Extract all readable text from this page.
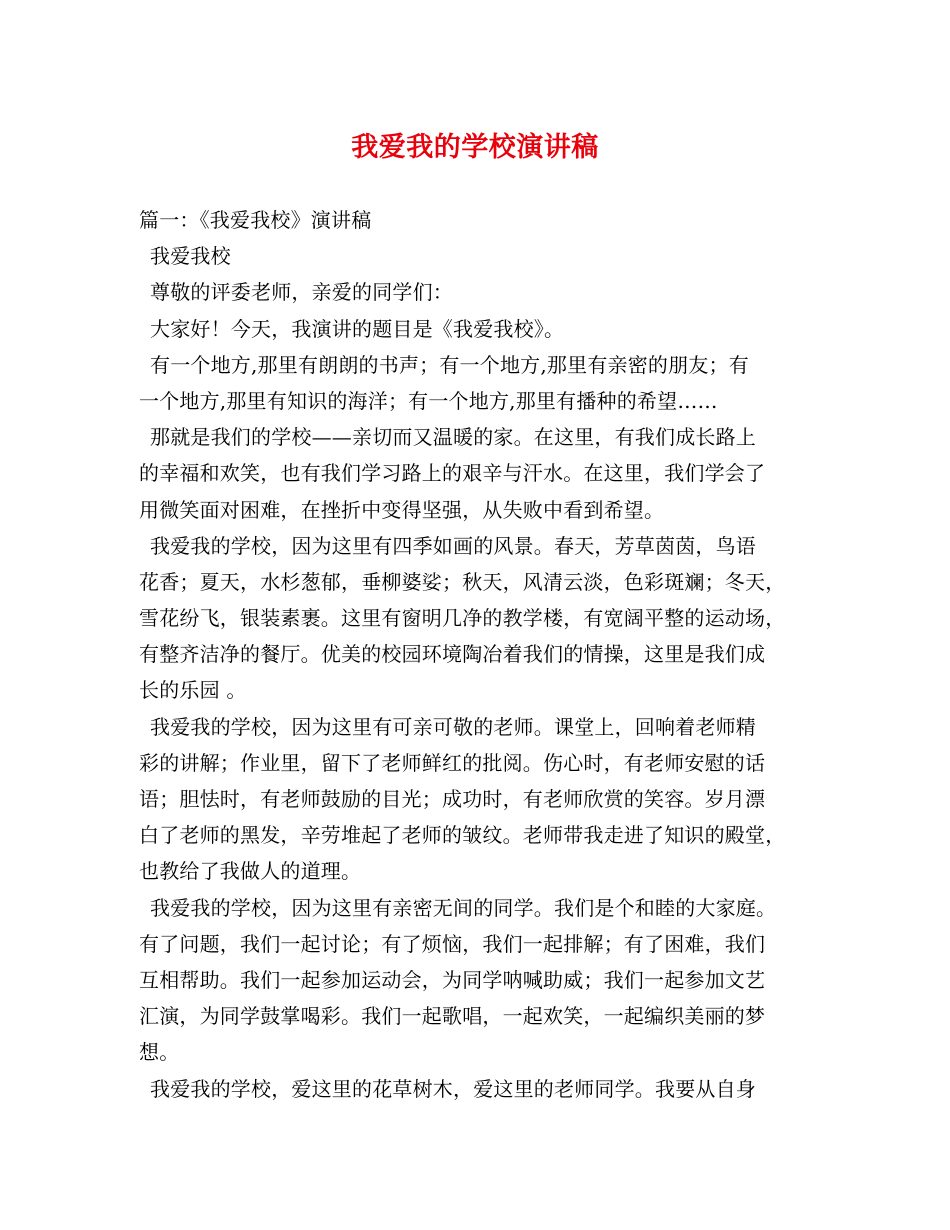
我爱我的学校演讲稿
篇一：《我爱我校》演讲稿
我爱我校
尊敬的评委老师，亲爱的同学们：
大家好！今天，我演讲的题目是《我爱我校》。
有一个地方,那里有朗朗的书声；有一个地方,那里有亲密的朋友；有
一个地方,那里有知识的海洋；有一个地方,那里有播种的希望……
那就是我们的学校——亲切而又温暖的家。在这里，有我们成长路上
的幸福和欢笑，也有我们学习路上的艰辛与汗水。在这里，我们学会了
用微笑面对困难，在挫折中变得坚强，从失败中看到希望。
我爱我的学校，因为这里有四季如画的风景。春天，芳草茵茵，鸟语
花香；夏天，水杉葱郁，垂柳婆娑；秋天，风清云淡，色彩斑斓；冬天，
雪花纷飞，银装素裹。这里有窗明几净的教学楼，有宽阔平整的运动场，
有整齐洁净的餐厅。优美的校园环境陶冶着我们的情操，这里是我们成
长的乐园 。
我爱我的学校，因为这里有可亲可敬的老师。课堂上，回响着老师精
彩的讲解；作业里，留下了老师鲜红的批阅。伤心时，有老师安慰的话
语；胆怯时，有老师鼓励的目光；成功时，有老师欣赏的笑容。岁月漂
白了老师的黑发，辛劳堆起了老师的皱纹。老师带我走进了知识的殿堂，
也教给了我做人的道理。
我爱我的学校，因为这里有亲密无间的同学。我们是个和睦的大家庭。
有了问题，我们一起讨论；有了烦恼，我们一起排解；有了困难，我们
互相帮助。我们一起参加运动会，为同学呐喊助威；我们一起参加文艺
汇演，为同学鼓掌喝彩。我们一起歌唱，一起欢笑，一起编织美丽的梦
想。
我爱我的学校，爱这里的花草树木，爱这里的老师同学。我要从自身
